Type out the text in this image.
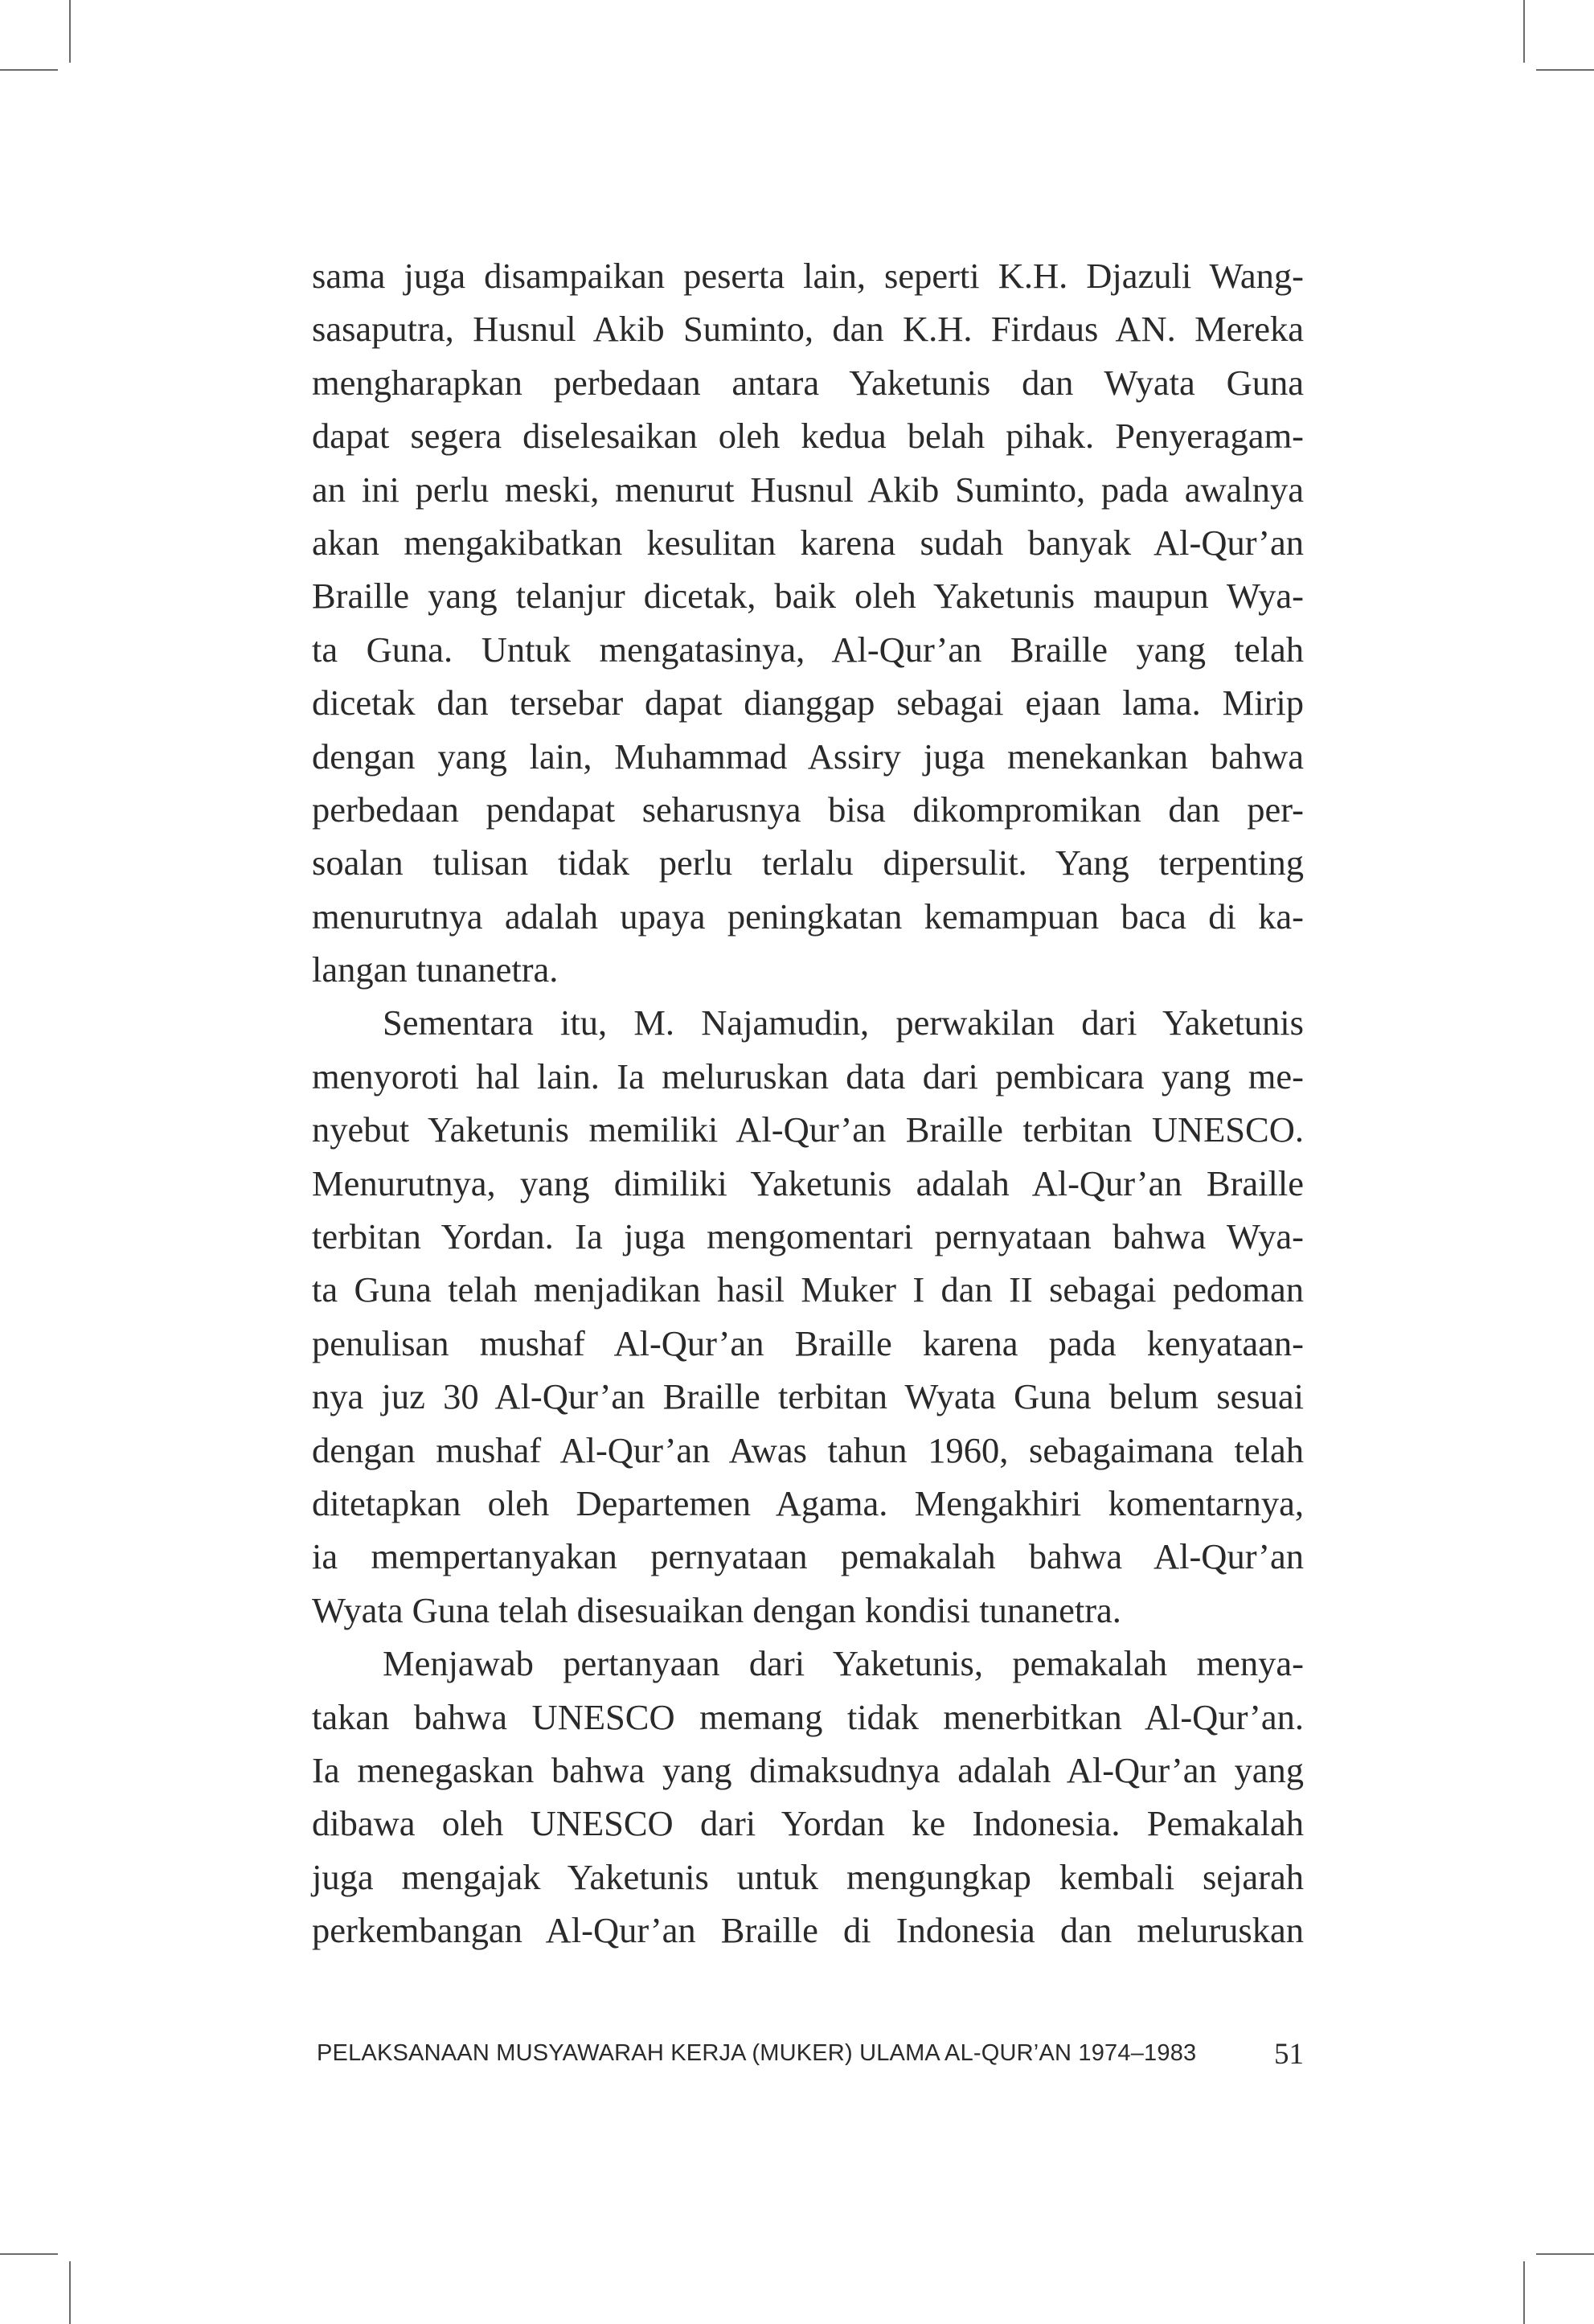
sama juga disampaikan peserta lain, seperti K.H. Djazuli Wang-
sasaputra, Husnul Akib Suminto, dan K.H. Firdaus AN. Mereka
mengharapkan perbedaan antara Yaketunis dan Wyata Guna
dapat segera diselesaikan oleh kedua belah pihak. Penyeragam-
an ini perlu meski, menurut Husnul Akib Suminto, pada awalnya
akan mengakibatkan kesulitan karena sudah banyak Al-Qur’an
Braille yang telanjur dicetak, baik oleh Yaketunis maupun Wya-
ta Guna. Untuk mengatasinya, Al-Qur’an Braille yang telah
dicetak dan tersebar dapat dianggap sebagai ejaan lama. Mirip
dengan yang lain, Muhammad Assiry juga menekankan bahwa
perbedaan pendapat seharusnya bisa dikompromikan dan per-
soalan tulisan tidak perlu terlalu dipersulit. Yang terpenting
menurutnya adalah upaya peningkatan kemampuan baca di ka-
langan tunanetra.
Sementara itu, M. Najamudin, perwakilan dari Yaketunis
menyoroti hal lain. Ia meluruskan data dari pembicara yang me-
nyebut Yaketunis memiliki Al-Qur’an Braille terbitan UNESCO.
Menurutnya, yang dimiliki Yaketunis adalah Al-Qur’an Braille
terbitan Yordan. Ia juga mengomentari pernyataan bahwa Wya-
ta Guna telah menjadikan hasil Muker I dan II sebagai pedoman
penulisan mushaf Al-Qur’an Braille karena pada kenyataan-
nya juz 30 Al-Qur’an Braille terbitan Wyata Guna belum sesuai
dengan mushaf Al-Qur’an Awas tahun 1960, sebagaimana telah
ditetapkan oleh Departemen Agama. Mengakhiri komentarnya,
ia mempertanyakan pernyataan pemakalah bahwa Al-Qur’an
Wyata Guna telah disesuaikan dengan kondisi tunanetra.
Menjawab pertanyaan dari Yaketunis, pemakalah menya-
takan bahwa UNESCO memang tidak menerbitkan Al-Qur’an.
Ia menegaskan bahwa yang dimaksudnya adalah Al-Qur’an yang
dibawa oleh UNESCO dari Yordan ke Indonesia. Pemakalah
juga mengajak Yaketunis untuk mengungkap kembali sejarah
perkembangan Al-Qur’an Braille di Indonesia dan meluruskan
PELAKSANAAN MUSYAWARAH KERJA (MUKER) ULAMA AL-QUR’AN 1974–1983	51
